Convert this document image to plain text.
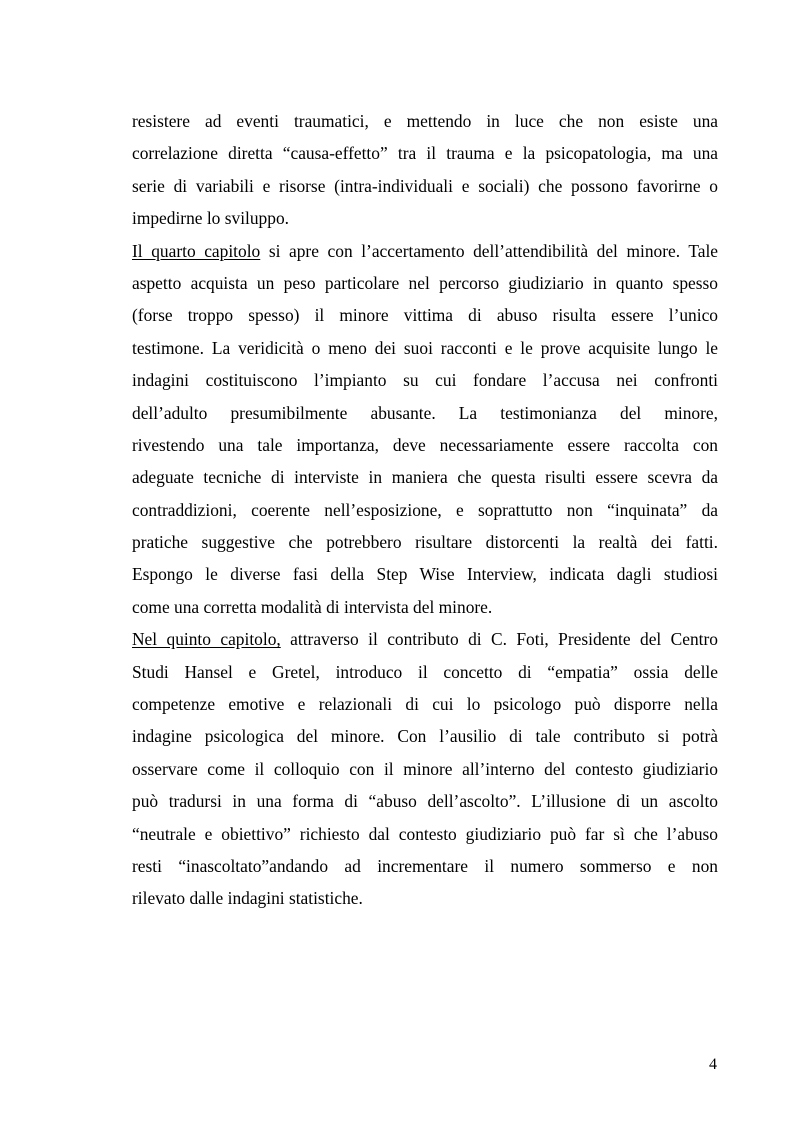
resistere ad eventi traumatici, e mettendo in luce che non esiste una
correlazione diretta “causa-effetto” tra il trauma e la psicopatologia, ma una
serie di variabili e risorse (intra-individuali e sociali) che possono favorirne o
impedirne lo sviluppo.
Il quarto capitolo si apre con l’accertamento dell’attendibilità del minore. Tale
aspetto acquista un peso particolare nel percorso giudiziario in quanto spesso
(forse troppo spesso) il minore vittima di abuso risulta essere l’unico
testimone. La veridicità o meno dei suoi racconti e le prove acquisite lungo le
indagini costituiscono l’impianto su cui fondare l’accusa nei confronti
dell’adulto presumibilmente abusante. La testimonianza del minore,
rivestendo una tale importanza, deve necessariamente essere raccolta con
adeguate tecniche di interviste in maniera che questa risulti essere scevra da
contraddizioni, coerente nell’esposizione, e soprattutto non “inquinata” da
pratiche suggestive che potrebbero risultare distorcenti la realtà dei fatti.
Espongo le diverse fasi della Step Wise Interview, indicata dagli studiosi
come una corretta modalità di intervista del minore.
Nel quinto capitolo, attraverso il contributo di C. Foti, Presidente del Centro
Studi Hansel e Gretel, introduco il concetto di “empatia” ossia delle
competenze emotive e relazionali di cui lo psicologo può disporre nella
indagine psicologica del minore. Con l’ausilio di tale contributo si potrà
osservare come il colloquio con il minore all’interno del contesto giudiziario
può tradursi in una forma di “abuso dell’ascolto”. L’illusione di un ascolto
“neutrale e obiettivo” richiesto dal contesto giudiziario può far sì che l’abuso
resti “inascoltato”andando ad incrementare il numero sommerso e non
rilevato dalle indagini statistiche.
4
